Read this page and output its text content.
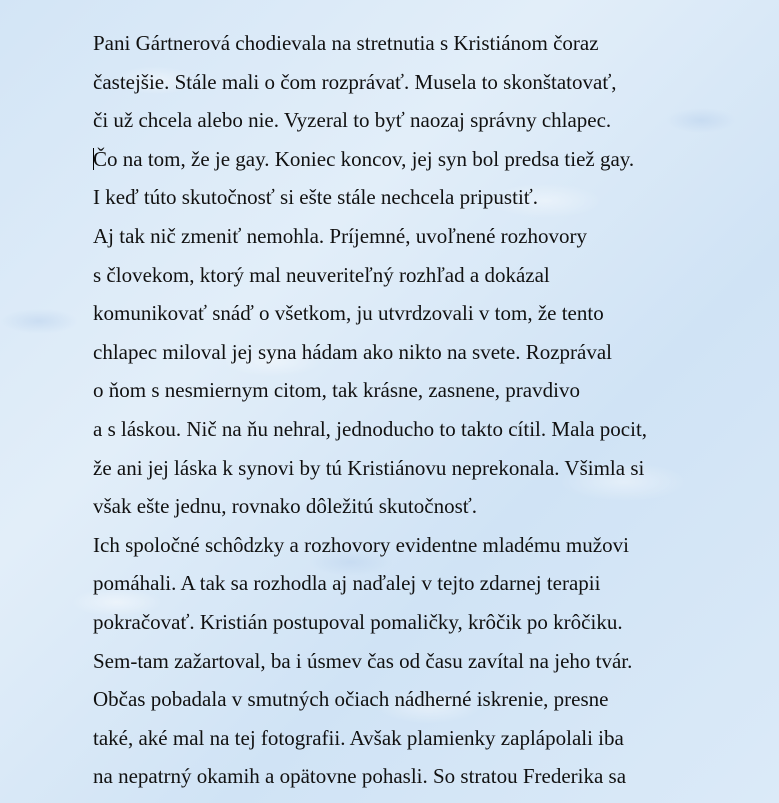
Pani Gártnerová chodievala na stretnutia s Kristiánom čoraz
častejšie. Stále mali o čom rozprávať. Musela to skonštatovať,
či už chcela alebo nie. Vyzeral to byť naozaj správny chlapec.
Čo na tom, že je gay. Koniec koncov, jej syn bol predsa tiež gay.
I keď túto skutočnosť si ešte stále nechcela pripustiť.
Aj tak nič zmeniť nemohla. Príjemné, uvoľnené rozhovory
s človekom, ktorý mal neuveriteľný rozhľad a dokázal
komunikovať snáď o všetkom, ju utvrdzovali v tom, že tento
chlapec miloval jej syna hádam ako nikto na svete. Rozprával
o ňom s nesmiernym citom, tak krásne, zasnene, pravdivo
a s láskou. Nič na ňu nehral, jednoducho to takto cítil. Mala pocit,
že ani jej láska k synovi by tú Kristiánovu neprekonala. Všimla si
však ešte jednu, rovnako dôležitú skutočnosť.
Ich spoločné schôdzky a rozhovory evidentne mladému mužovi
pomáhali. A tak sa rozhodla aj naďalej v tejto zdarnej terapii
pokračovať. Kristián postupoval pomaličky, krôčik po krôčiku.
Sem-tam zažartoval, ba i úsmev čas od času zavítal na jeho tvár.
Občas pobadala v smutných očiach nádherné iskrenie, presne
také, aké mal na tej fotografii. Avšak plamienky zaplápolali iba
na nepatrný okamih a opätovne pohasli. So stratou Frederika sa
